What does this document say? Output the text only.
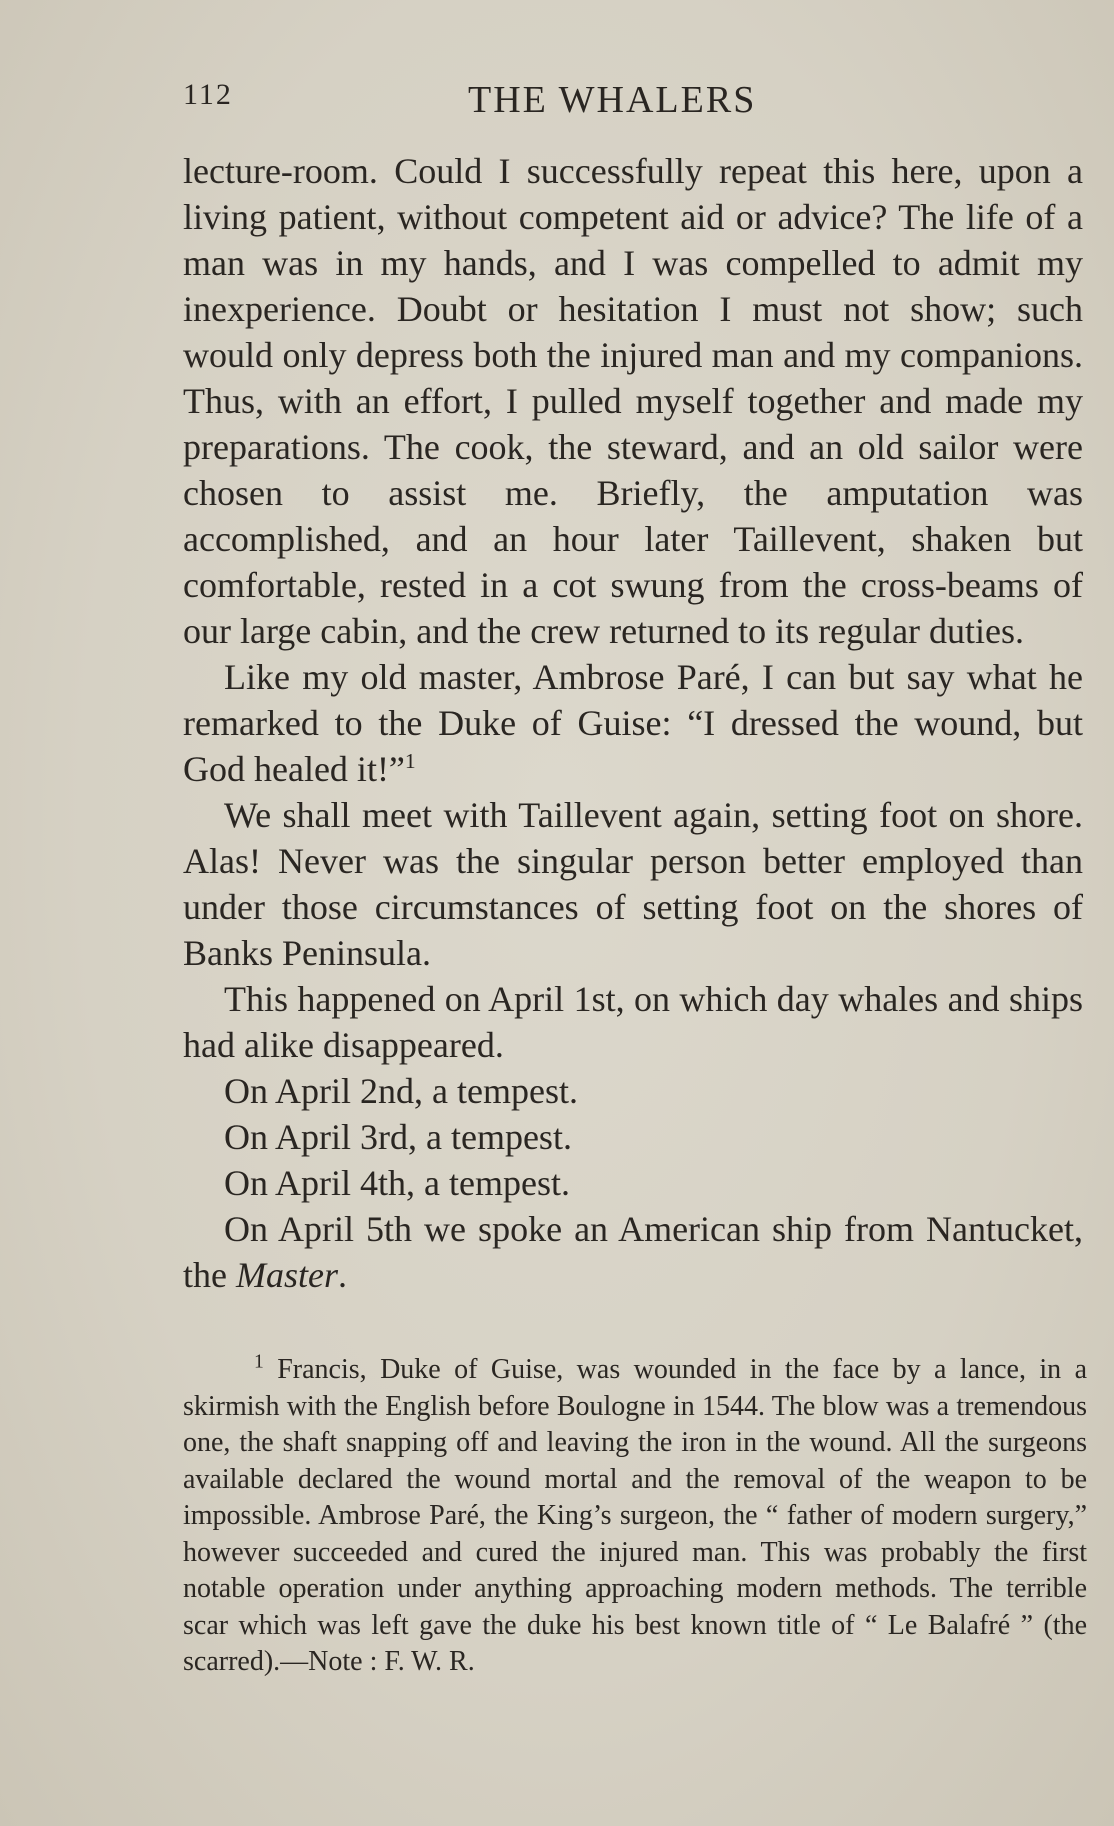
112	THE WHALERS

lecture-room. Could I successfully repeat this here, upon a living patient, without competent aid or advice? The life of a man was in my hands, and I was compelled to admit my inexperience. Doubt or hesitation I must not show; such would only depress both the injured man and my companions. Thus, with an effort, I pulled myself together and made my preparations. The cook, the steward, and an old sailor were chosen to assist me. Briefly, the amputation was accomplished, and an hour later Taillevent, shaken but comfortable, rested in a cot swung from the cross-beams of our large cabin, and the crew returned to its regular duties.

Like my old master, Ambrose Paré, I can but say what he remarked to the Duke of Guise: “I dressed the wound, but God healed it!”$^1$

We shall meet with Taillevent again, setting foot on shore. Alas! Never was the singular person better employed than under those circumstances of setting foot on the shores of Banks Peninsula.

This happened on April 1st, on which day whales and ships had alike disappeared.

On April 2nd, a tempest.

On April 3rd, a tempest.

On April 4th, a tempest.

On April 5th we spoke an American ship from Nantucket, the Master.

$^1$ Francis, Duke of Guise, was wounded in the face by a lance, in a skirmish with the English before Boulogne in 1544. The blow was a tremendous one, the shaft snapping off and leaving the iron in the wound. All the surgeons available declared the wound mortal and the removal of the weapon to be impossible. Ambrose Paré, the King’s surgeon, the “ father of modern surgery,” however succeeded and cured the injured man. This was probably the first notable operation under anything approaching modern methods. The terrible scar which was left gave the duke his best known title of “ Le Balafré ” (the scarred).—Note : F. W. R.
